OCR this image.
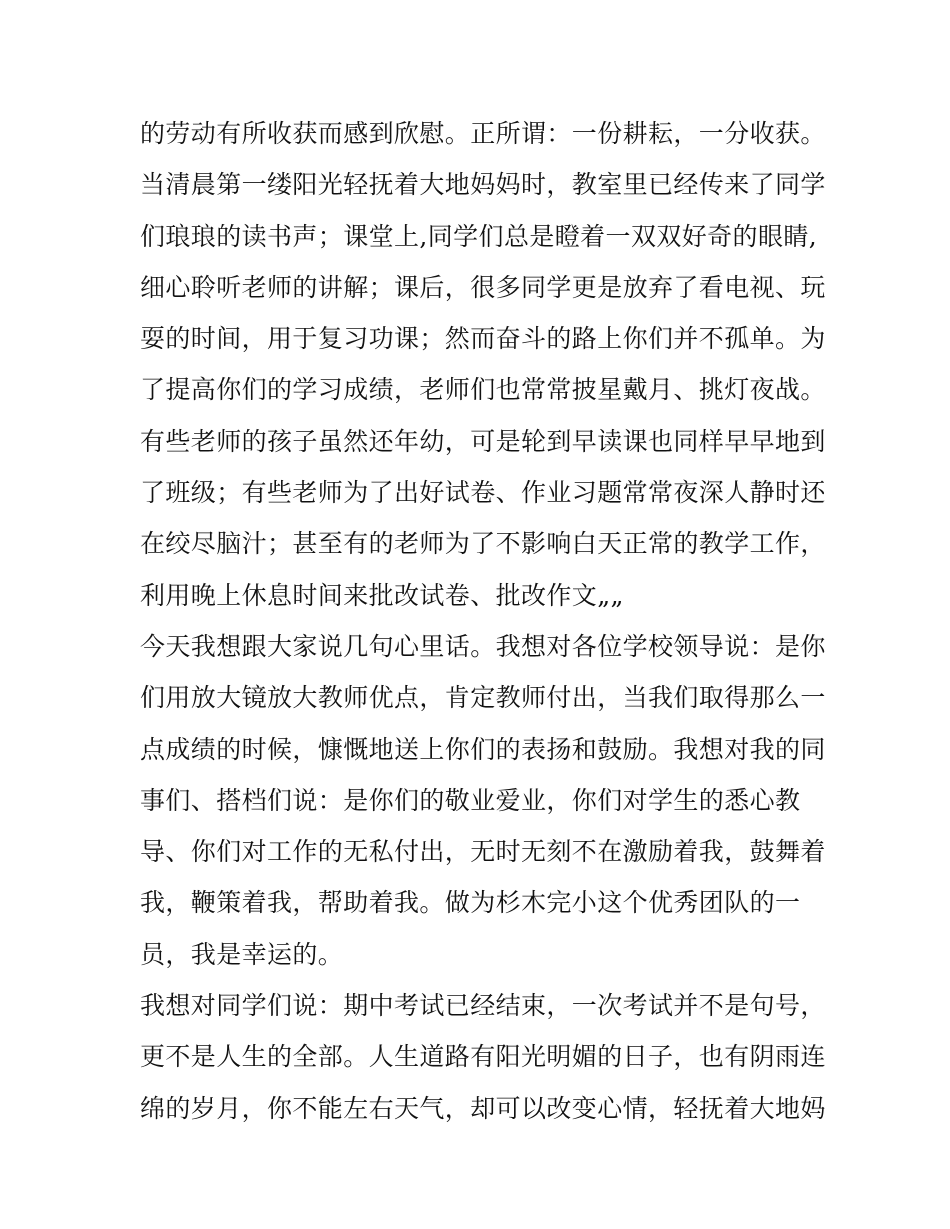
的劳动有所收获而感到欣慰。正所谓：一份耕耘，一分收获。
当清晨第一缕阳光轻抚着大地妈妈时，教室里已经传来了同学
们琅琅的读书声；课堂上,同学们总是瞪着一双双好奇的眼睛,
细心聆听老师的讲解；课后，很多同学更是放弃了看电视、玩
耍的时间，用于复习功课；然而奋斗的路上你们并不孤单。为
了提高你们的学习成绩，老师们也常常披星戴月、挑灯夜战。
有些老师的孩子虽然还年幼，可是轮到早读课也同样早早地到
了班级；有些老师为了出好试卷、作业习题常常夜深人静时还
在绞尽脑汁；甚至有的老师为了不影响白天正常的教学工作，
利用晚上休息时间来批改试卷、批改作文„„
今天我想跟大家说几句心里话。我想对各位学校领导说：是你
们用放大镜放大教师优点，肯定教师付出，当我们取得那么一
点成绩的时候，慷慨地送上你们的表扬和鼓励。我想对我的同
事们、搭档们说：是你们的敬业爱业，你们对学生的悉心教
导、你们对工作的无私付出，无时无刻不在激励着我，鼓舞着
我，鞭策着我，帮助着我。做为杉木完小这个优秀团队的一
员，我是幸运的。
我想对同学们说：期中考试已经结束，一次考试并不是句号，
更不是人生的全部。人生道路有阳光明媚的日子，也有阴雨连
绵的岁月，你不能左右天气，却可以改变心情，轻抚着大地妈
